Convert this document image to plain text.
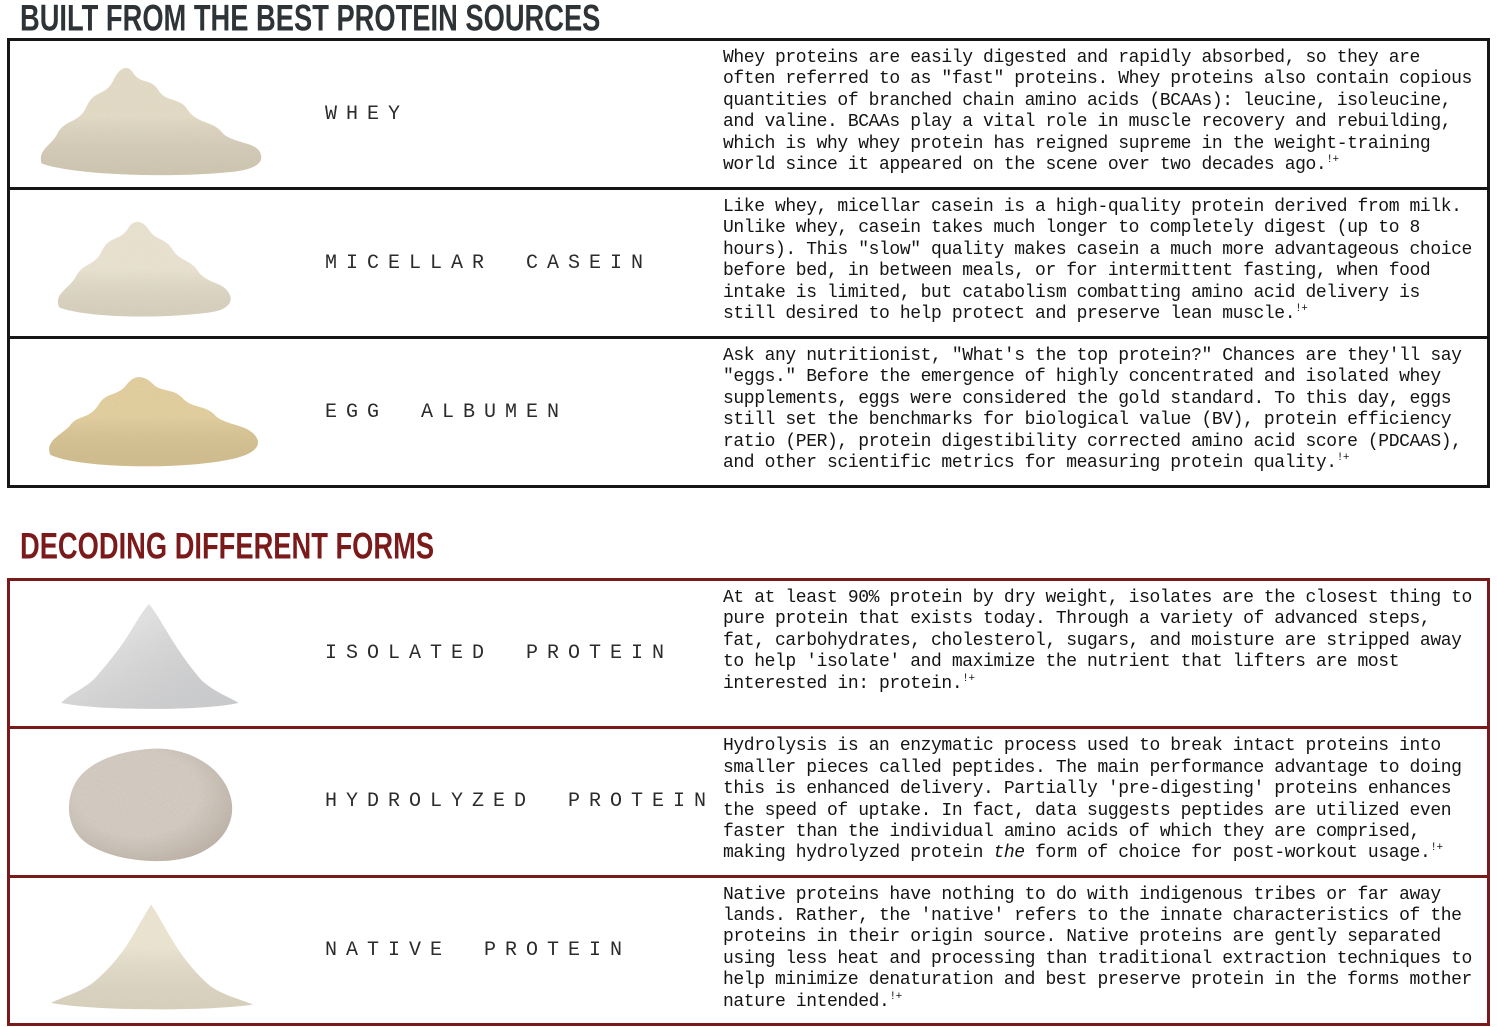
BUILT FROM THE BEST PROTEIN SOURCES
WHEY

Whey proteins are easily digested and rapidly absorbed, so they are often referred to as "fast" proteins. Whey proteins also contain copious quantities of branched chain amino acids (BCAAs): leucine, isoleucine, and valine. BCAAs play a vital role in muscle recovery and rebuilding, which is why whey protein has reigned supreme in the weight-training world since it appeared on the scene over two decades ago.!+

MICELLAR CASEIN

Like whey, micellar casein is a high-quality protein derived from milk. Unlike whey, casein takes much longer to completely digest (up to 8 hours). This "slow" quality makes casein a much more advantageous choice before bed, in between meals, or for intermittent fasting, when food intake is limited, but catabolism combatting amino acid delivery is still desired to help protect and preserve lean muscle.!+

EGG ALBUMEN

Ask any nutritionist, "What's the top protein?" Chances are they'll say "eggs." Before the emergence of highly concentrated and isolated whey supplements, eggs were considered the gold standard. To this day, eggs still set the benchmarks for biological value (BV), protein efficiency ratio (PER), protein digestibility corrected amino acid score (PDCAAS), and other scientific metrics for measuring protein quality.!+

DECODING DIFFERENT FORMS
ISOLATED PROTEIN

At at least 90% protein by dry weight, isolates are the closest thing to pure protein that exists today. Through a variety of advanced steps, fat, carbohydrates, cholesterol, sugars, and moisture are stripped away to help 'isolate' and maximize the nutrient that lifters are most interested in: protein.!+

HYDROLYZED PROTEIN

Hydrolysis is an enzymatic process used to break intact proteins into smaller pieces called peptides. The main performance advantage to doing this is enhanced delivery. Partially 'pre-digesting' proteins enhances the speed of uptake. In fact, data suggests peptides are utilized even faster than the individual amino acids of which they are comprised, making hydrolyzed protein the form of choice for post-workout usage.!+

NATIVE PROTEIN

Native proteins have nothing to do with indigenous tribes or far away lands. Rather, the 'native' refers to the innate characteristics of the proteins in their origin source. Native proteins are gently separated using less heat and processing than traditional extraction techniques to help minimize denaturation and best preserve protein in the forms mother nature intended.!+
